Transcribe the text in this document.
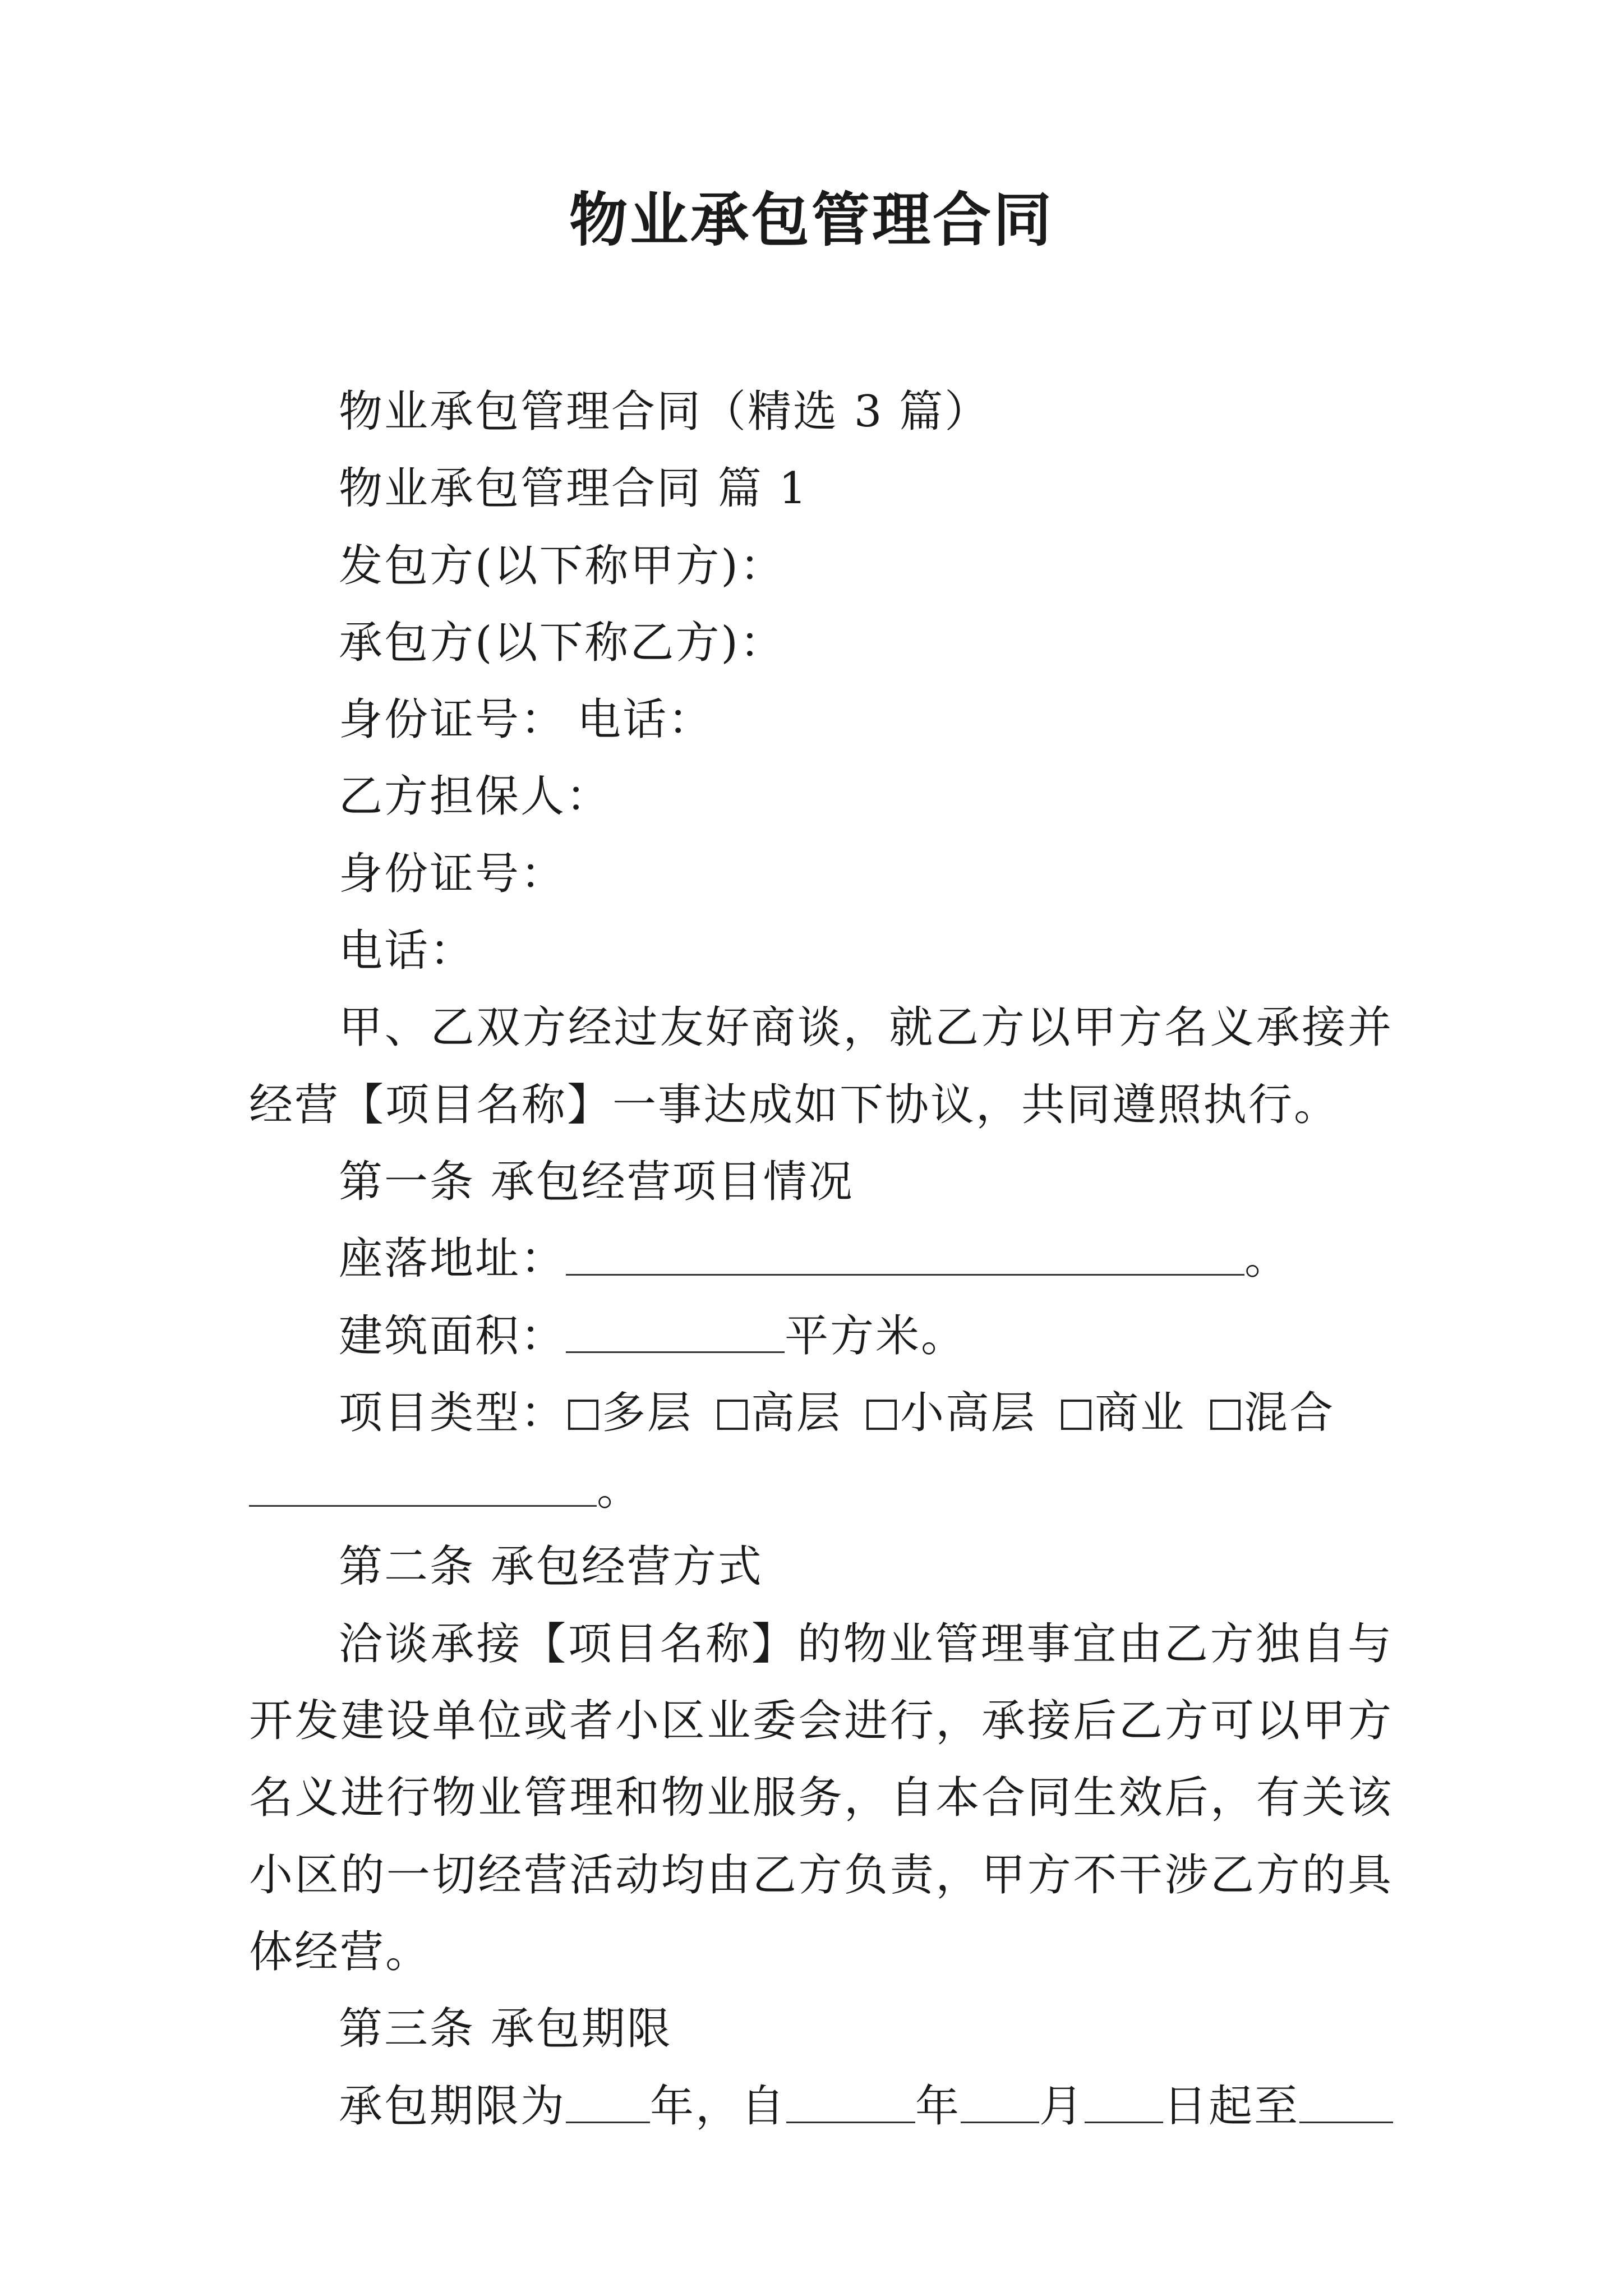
物业承包管理合同

物业承包管理合同（精选 3 篇）

物业承包管理合同 篇 1

发包方(以下称甲方)：

承包方(以下称乙方)：

身份证号： 电话：

乙方担保人：

身份证号：

电话：

甲、乙双方经过友好商谈，就乙方以甲方名义承接并经营【项目名称】一事达成如下协议，共同遵照执行。

第一条 承包经营项目情况

座落地址：	。

建筑面积：	平方米。

项目类型： 多层 高层 小高层 商业 混合

。

第二条 承包经营方式

洽谈承接【项目名称】的物业管理事宜由乙方独自与开发建设单位或者小区业委会进行，承接后乙方可以甲方名义进行物业管理和物业服务，自本合同生效后，有关该小区的一切经营活动均由乙方负责，甲方不干涉乙方的具体经营。

第三条 承包期限

承包期限为 年，自	年 月 日起至
